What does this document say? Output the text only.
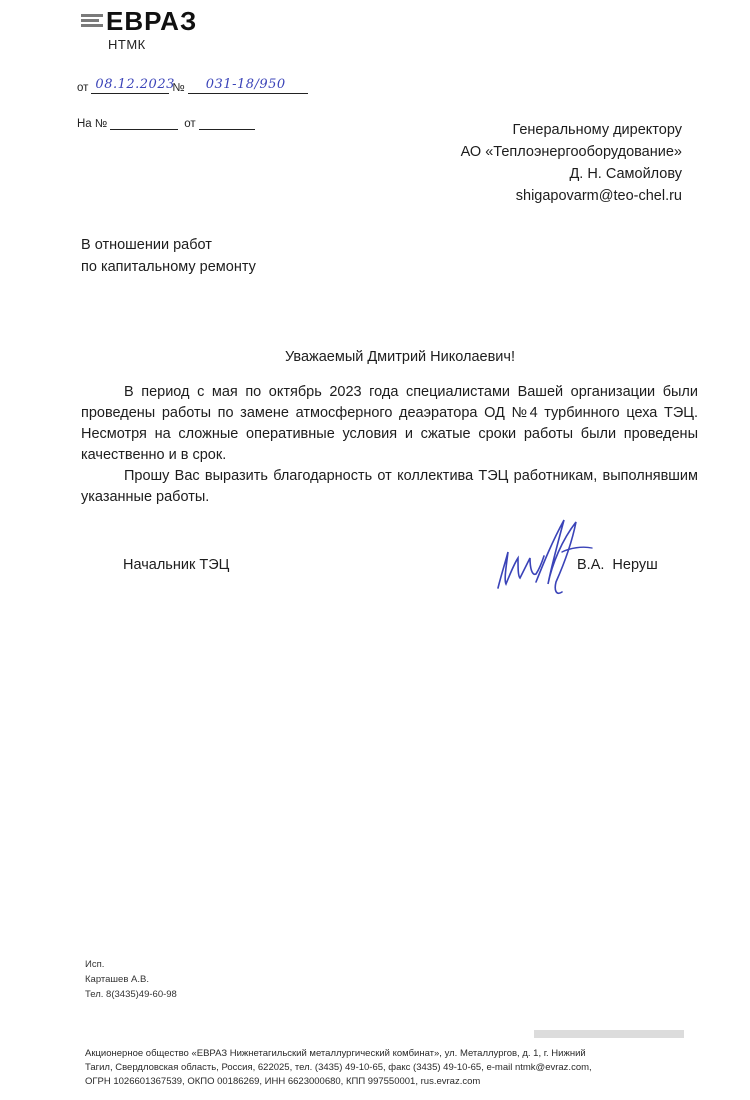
ЕВРАЗ
НТМК
от 08.12.2023
№ 031-18/950
На №	от	Генеральному директору
АО «Теплоэнергооборудование»
Д. Н. Самойлову
shigapovarm@teo-chel.ru
В отношении работ
по капитальному ремонту
Уважаемый Дмитрий Николаевич!

В период с мая по октябрь 2023 года специалистами Вашей организации были проведены работы по замене атмосферного деаэратора ОД №4 турбинного цеха ТЭЦ. Несмотря на сложные оперативные условия и сжатые сроки работы были проведены качественно и в срок.

Прошу Вас выразить благодарность от коллектива ТЭЦ работникам, выполнявшим указанные работы.

Начальник ТЭЦ	В.А. Неруш
Исп.
Карташев А.В.
Тел. 8(3435)49-60-98
Акционерное общество «ЕВРАЗ Нижнетагильский металлургический комбинат», ул. Металлургов, д. 1, г. Нижний
Тагил, Свердловская область, Россия, 622025, тел. (3435) 49-10-65, факс (3435) 49-10-65, e-mail ntmk@evraz.com,
ОГРН 1026601367539, ОКПО 00186269, ИНН 6623000680, КПП 997550001, rus.evraz.com
